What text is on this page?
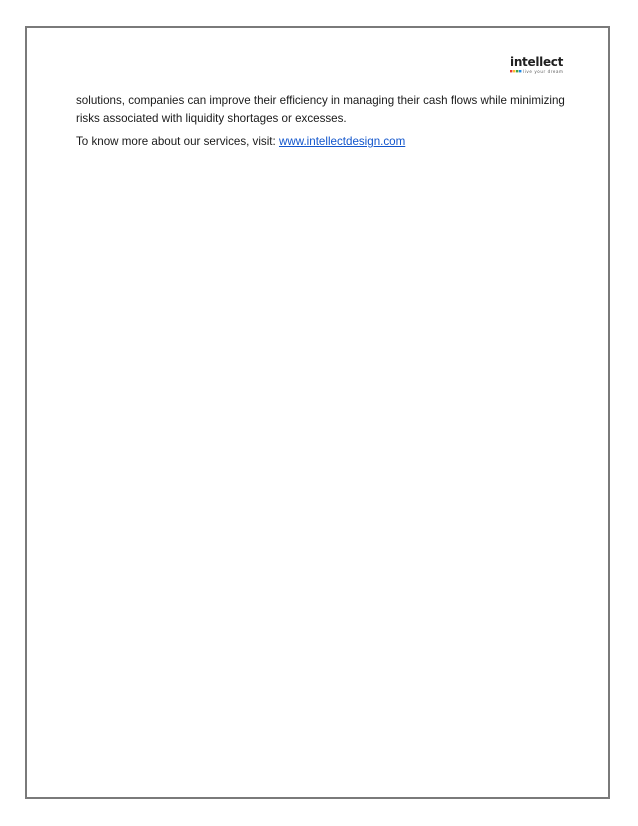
intellect
live your dream

solutions, companies can improve their efficiency in managing their cash flows while minimizing risks associated with liquidity shortages or excesses.

To know more about our services, visit: www.intellectdesign.com
